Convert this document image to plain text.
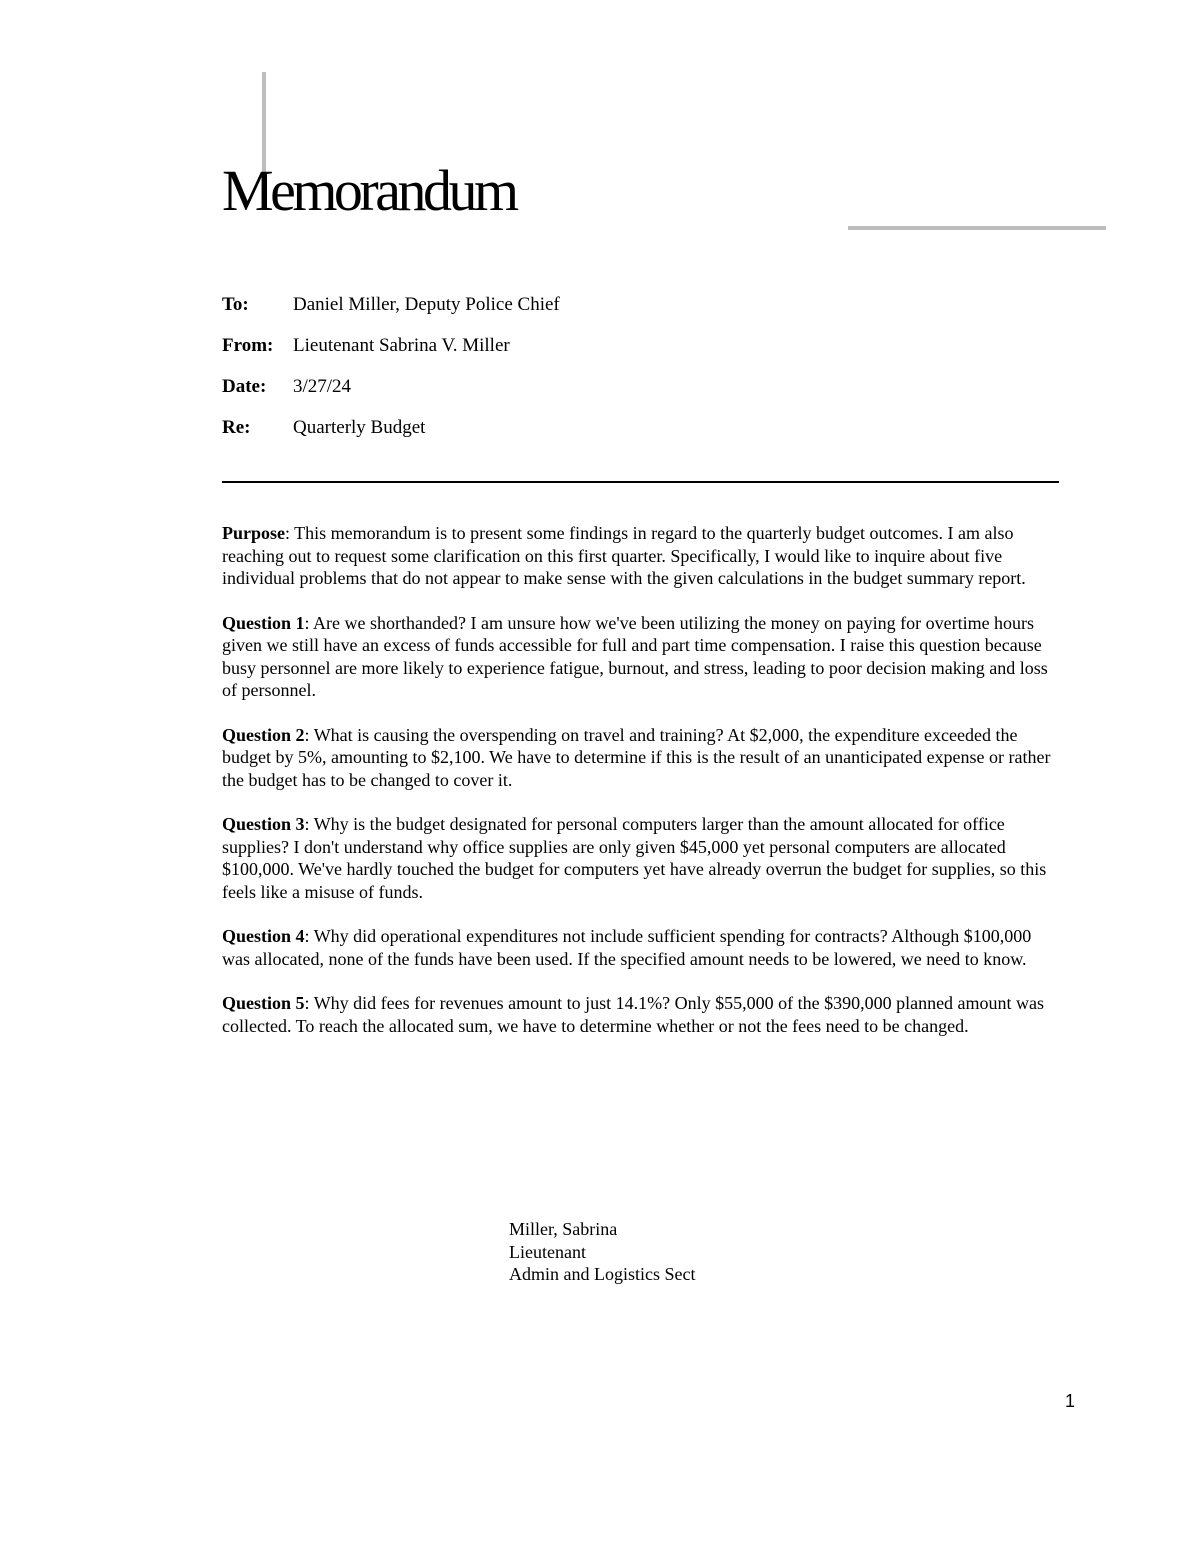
Memorandum
To: Daniel Miller, Deputy Police Chief
From: Lieutenant Sabrina V. Miller
Date: 3/27/24
Re: Quarterly Budget

Purpose: This memorandum is to present some findings in regard to the quarterly budget outcomes. I am also reaching out to request some clarification on this first quarter. Specifically, I would like to inquire about five individual problems that do not appear to make sense with the given calculations in the budget summary report.

Question 1: Are we shorthanded? I am unsure how we've been utilizing the money on paying for overtime hours given we still have an excess of funds accessible for full and part time compensation. I raise this question because busy personnel are more likely to experience fatigue, burnout, and stress, leading to poor decision making and loss of personnel.

Question 2: What is causing the overspending on travel and training? At $2,000, the expenditure exceeded the budget by 5%, amounting to $2,100. We have to determine if this is the result of an unanticipated expense or rather the budget has to be changed to cover it.

Question 3: Why is the budget designated for personal computers larger than the amount allocated for office supplies? I don't understand why office supplies are only given $45,000 yet personal computers are allocated $100,000. We've hardly touched the budget for computers yet have already overrun the budget for supplies, so this feels like a misuse of funds.

Question 4: Why did operational expenditures not include sufficient spending for contracts? Although $100,000 was allocated, none of the funds have been used. If the specified amount needs to be lowered, we need to know.

Question 5: Why did fees for revenues amount to just 14.1%? Only $55,000 of the $390,000 planned amount was collected. To reach the allocated sum, we have to determine whether or not the fees need to be changed.

Miller, Sabrina
Lieutenant
Admin and Logistics Sect
1
